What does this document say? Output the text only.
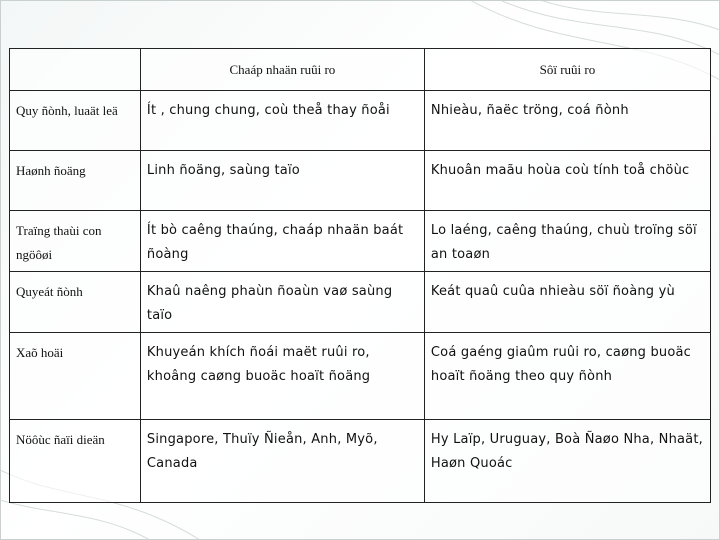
	Chaáp nhaän ruûi ro	Sôï ruûi ro
Quy ñònh, luaät leä	Ít , chung chung, coù theå thay ñoåi	Nhieàu, ñaëc tröng, coá ñònh
Haønh ñoäng	Linh ñoäng, saùng taïo	Khuoân maãu hoùa coù tính toå chöùc
Traïng thaùi con ngöôøi	Ít bò caêng thaúng, chaáp nhaän baát ñoàng	Lo laéng, caêng thaúng, chuù troïng söï an toaøn
Quyeát ñònh	Khaû naêng phaùn ñoaùn vaø saùng taïo	Keát quaû cuûa nhieàu söï ñoàng yù
Xaõ hoäi	Khuyeán khích ñoái maët ruûi ro, khoâng caøng buoäc hoaït ñoäng	Coá gaéng giaûm ruûi ro, caøng buoäc hoaït ñoäng theo quy ñònh
Nöôùc ñaïi dieän	Singapore, Thuïy Ñieån, Anh, Myõ, Canada	Hy Laïp, Uruguay, Boà Ñaøo Nha, Nhaät, Haøn Quoác
